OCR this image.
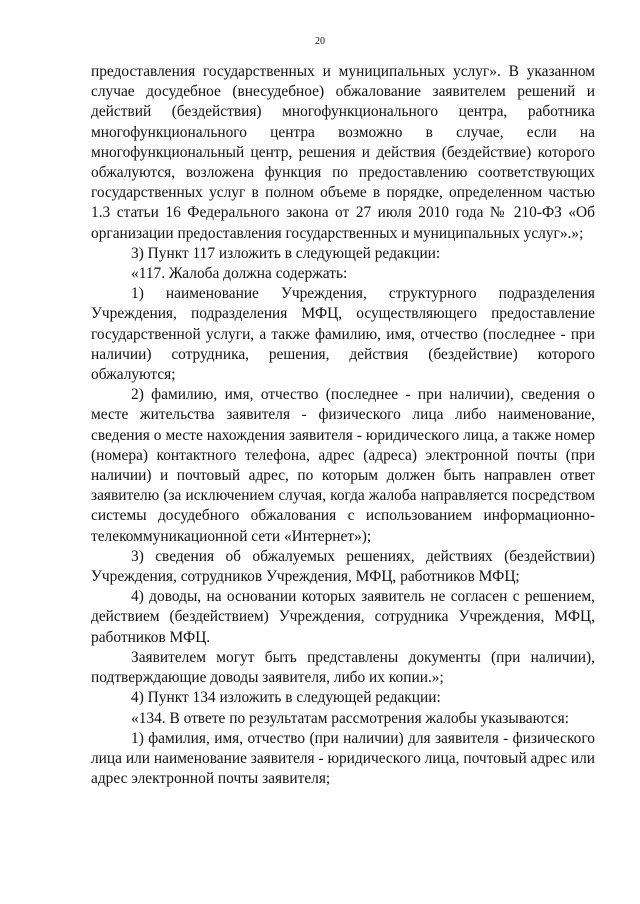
20

предоставления государственных и муниципальных услуг». В указанном случае досудебное (внесудебное) обжалование заявителем решений и действий (бездействия) многофункционального центра, работника многофункционального центра возможно в случае, если на многофункциональный центр, решения и действия (бездействие) которого обжалуются, возложена функция по предоставлению соответствующих государственных услуг в полном объеме в порядке, определенном частью 1.3 статьи 16 Федерального закона от 27 июля 2010 года № 210-ФЗ «Об организации предоставления государственных и муниципальных услуг».»;

3) Пункт 117 изложить в следующей редакции:

«117. Жалоба должна содержать:

1) наименование Учреждения, структурного подразделения Учреждения, подразделения МФЦ, осуществляющего предоставление государственной услуги, а также фамилию, имя, отчество (последнее - при наличии) сотрудника, решения, действия (бездействие) которого обжалуются;

2) фамилию, имя, отчество (последнее - при наличии), сведения о месте жительства заявителя - физического лица либо наименование, сведения о месте нахождения заявителя - юридического лица, а также номер (номера) контактного телефона, адрес (адреса) электронной почты (при наличии) и почтовый адрес, по которым должен быть направлен ответ заявителю (за исключением случая, когда жалоба направляется посредством системы досудебного обжалования с использованием информационно-телекоммуникационной сети «Интернет»);

3) сведения об обжалуемых решениях, действиях (бездействии) Учреждения, сотрудников Учреждения, МФЦ, работников МФЦ;

4) доводы, на основании которых заявитель не согласен с решением, действием (бездействием) Учреждения, сотрудника Учреждения, МФЦ, работников МФЦ.

Заявителем могут быть представлены документы (при наличии), подтверждающие доводы заявителя, либо их копии.»;

4) Пункт 134 изложить в следующей редакции:

«134. В ответе по результатам рассмотрения жалобы указываются:

1) фамилия, имя, отчество (при наличии) для заявителя - физического лица или наименование заявителя - юридического лица, почтовый адрес или адрес электронной почты заявителя;
